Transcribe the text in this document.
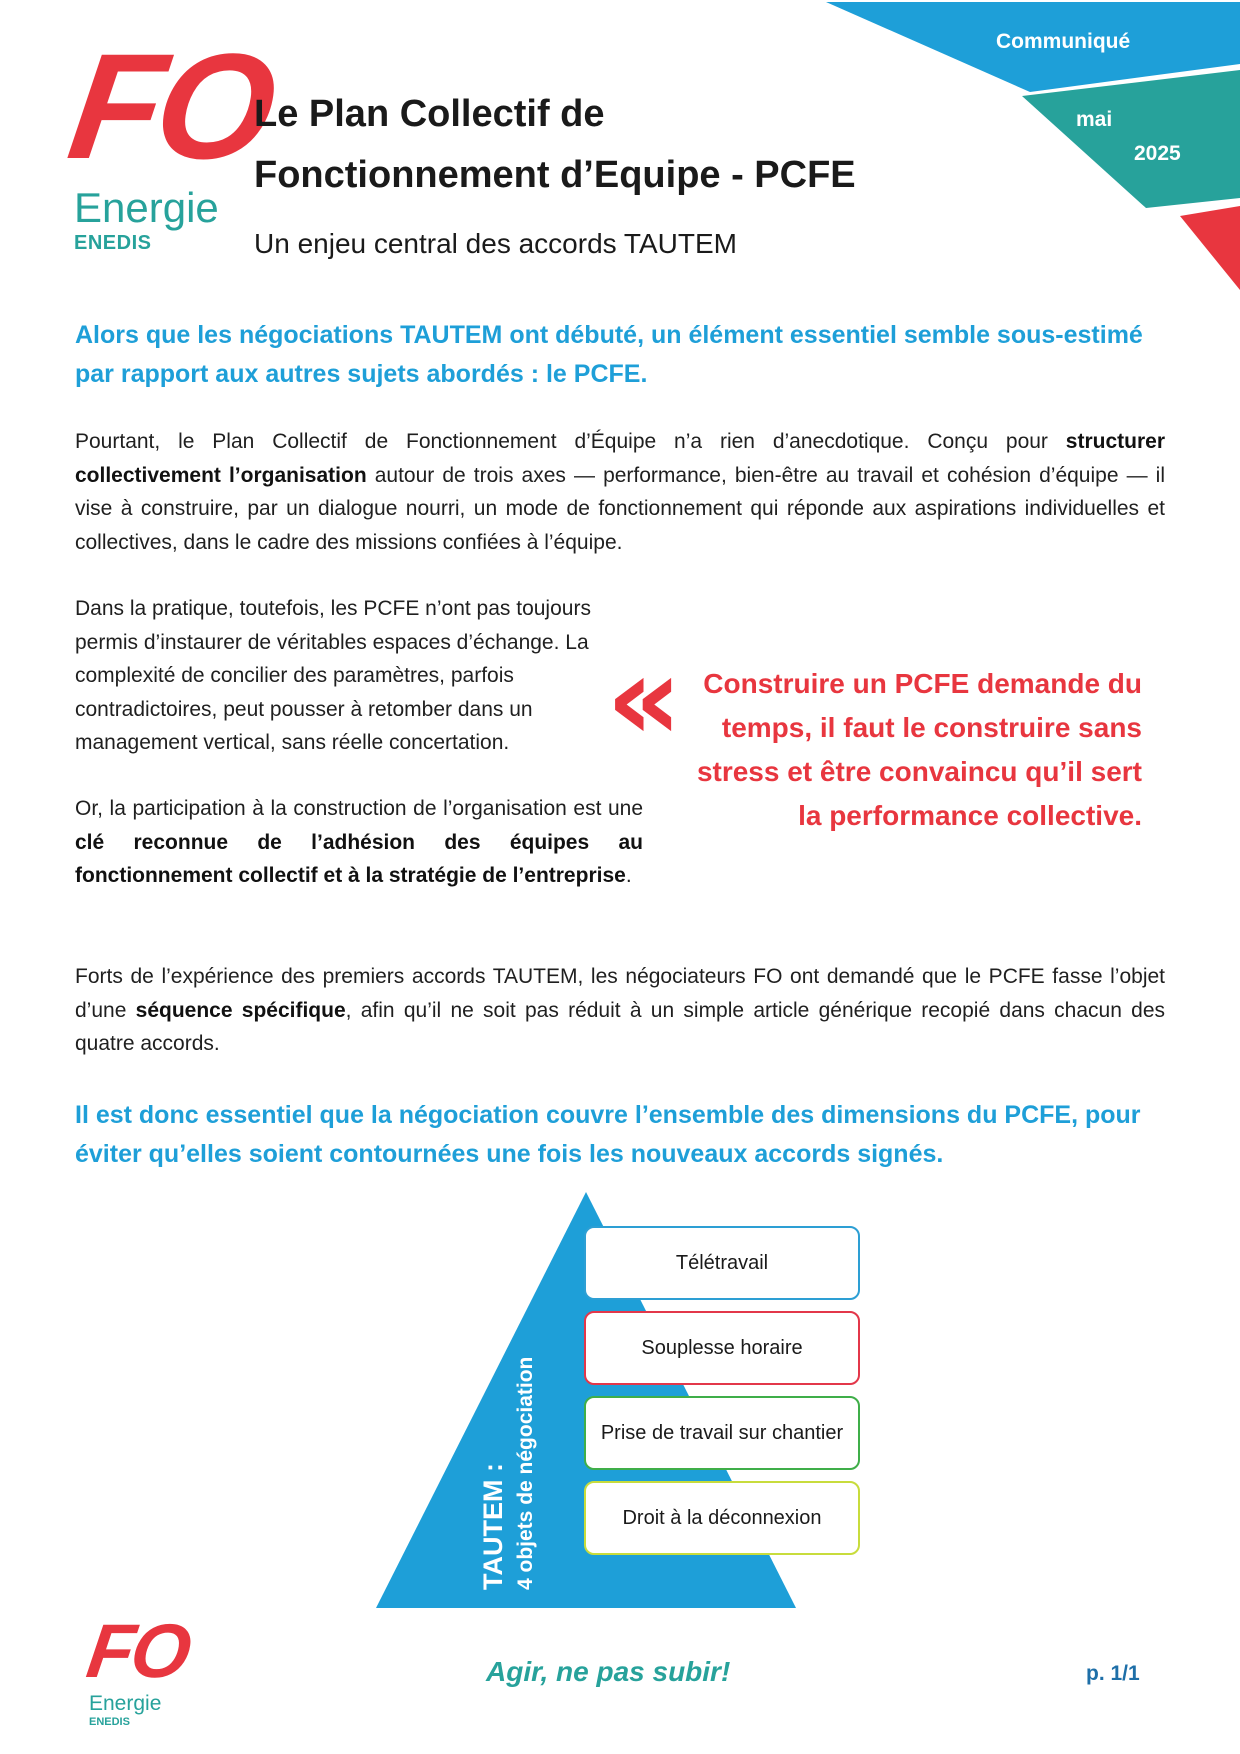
Communiqué
mai
2025
FO
Energie
ENEDIS
Le Plan Collectif de
Fonctionnement d’Equipe - PCFE
Un enjeu central des accords TAUTEM
Alors que les négociations TAUTEM ont débuté, un élément essentiel semble sous-estimé par rapport aux autres sujets abordés : le PCFE.
Pourtant, le Plan Collectif de Fonctionnement d’Équipe n’a rien d’anecdotique. Conçu pour structurer collectivement l’organisation autour de trois axes — performance, bien-être au travail et cohésion d’équipe — il vise à construire, par un dialogue nourri, un mode de fonctionnement qui réponde aux aspirations individuelles et collectives, dans le cadre des missions confiées à l’équipe.
Dans la pratique, toutefois, les PCFE n’ont pas toujours permis d’instaurer de véritables espaces d’échange. La complexité de concilier des paramètres, parfois contradictoires, peut pousser à retomber dans un management vertical, sans réelle concertation.
Or, la participation à la construction de l’organisation est une clé reconnue de l’adhésion des équipes au fonctionnement collectif et à la stratégie de l’entreprise.
«	Construire un PCFE demande du temps, il faut le construire sans stress et être convaincu qu’il sert la performance collective.
Forts de l’expérience des premiers accords TAUTEM, les négociateurs FO ont demandé que le PCFE fasse l’objet d’une séquence spécifique, afin qu’il ne soit pas réduit à un simple article générique recopié dans chacun des quatre accords.
Il est donc essentiel que la négociation couvre l’ensemble des dimensions du PCFE, pour éviter qu’elles soient contournées une fois les nouveaux accords signés.
TAUTEM : 4 objets de négociation
Télétravail
Souplesse horaire
Prise de travail sur chantier
Droit à la déconnexion
FO
Energie
ENEDIS
Agir, ne pas subir!	p. 1/1
